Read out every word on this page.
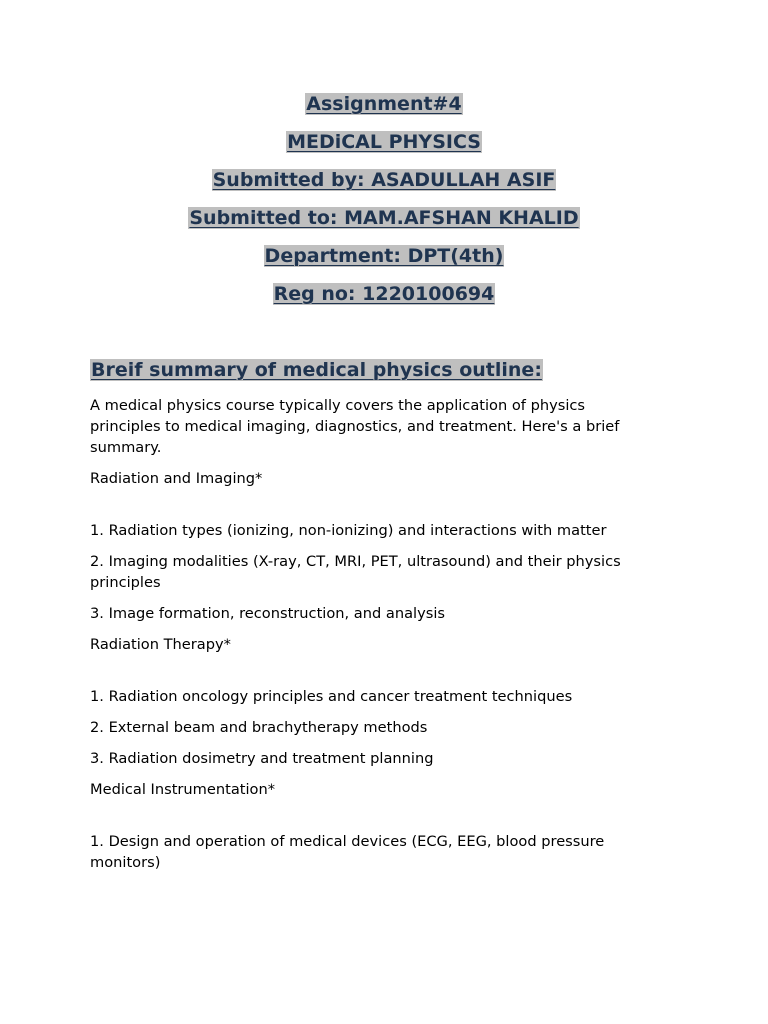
Assignment#4
MEDiCAL PHYSICS
Submitted by: ASADULLAH ASIF
Submitted to: MAM.AFSHAN KHALID
Department: DPT(4th)
Reg no: 1220100694
Breif summary of medical physics outline:

A medical physics course typically covers the application of physics principles to medical imaging, diagnostics, and treatment. Here's a brief summary.

Radiation and Imaging*

1. Radiation types (ionizing, non-ionizing) and interactions with matter

2. Imaging modalities (X-ray, CT, MRI, PET, ultrasound) and their physics principles

3. Image formation, reconstruction, and analysis

Radiation Therapy*

1. Radiation oncology principles and cancer treatment techniques

2. External beam and brachytherapy methods

3. Radiation dosimetry and treatment planning

Medical Instrumentation*

1. Design and operation of medical devices (ECG, EEG, blood pressure monitors)
